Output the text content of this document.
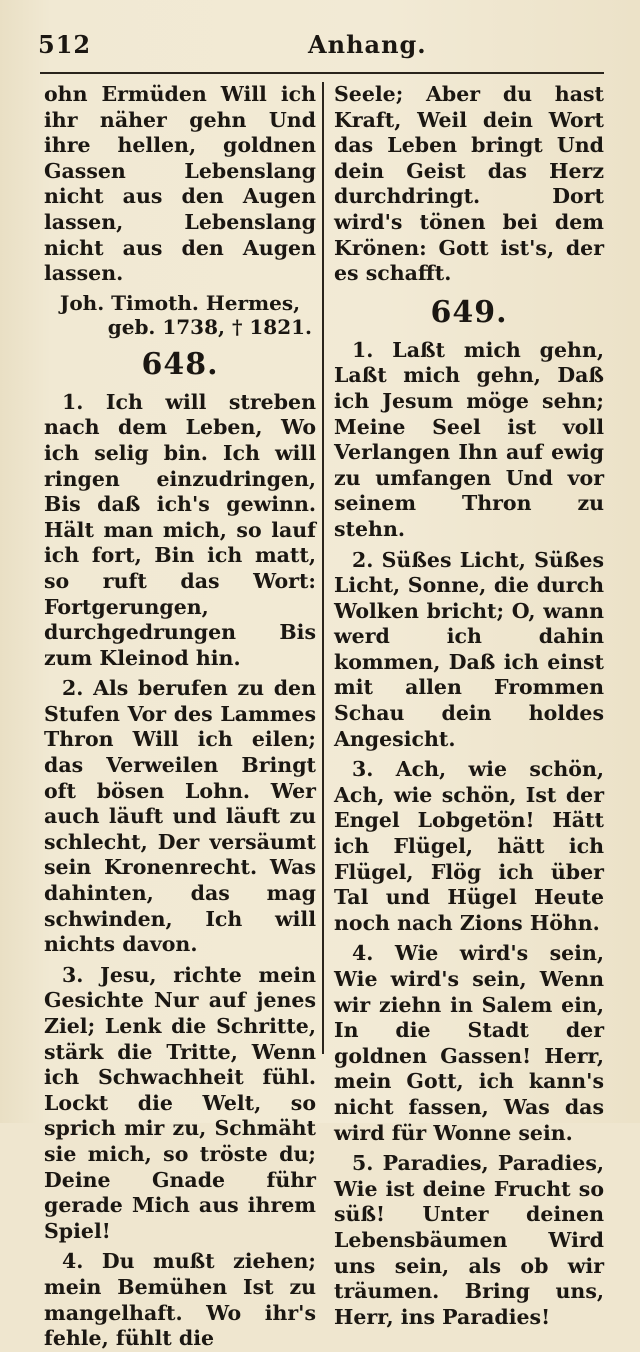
512	Anhang.

ohn Ermüden Will ich ihr näher gehn Und ihre hellen, goldnen Gassen Lebenslang nicht aus den Augen lassen, Lebenslang nicht aus den Augen lassen.

Joh. Timoth. Hermes,
geb. 1738, † 1821.
648.

1. Ich will streben nach dem Leben, Wo ich selig bin. Ich will ringen einzudringen, Bis daß ich's gewinn. Hält man mich, so lauf ich fort, Bin ich matt, so ruft das Wort: Fortgerungen, durchgedrungen Bis zum Kleinod hin.

2. Als berufen zu den Stufen Vor des Lammes Thron Will ich eilen; das Verweilen Bringt oft bösen Lohn. Wer auch läuft und läuft zu schlecht, Der versäumt sein Kronenrecht. Was dahinten, das mag schwinden, Ich will nichts davon.

3. Jesu, richte mein Gesichte Nur auf jenes Ziel; Lenk die Schritte, stärk die Tritte, Wenn ich Schwachheit fühl. Lockt die Welt, so sprich mir zu, Schmäht sie mich, so tröste du; Deine Gnade führ gerade Mich aus ihrem Spiel!

4. Du mußt ziehen; mein Bemühen Ist zu mangelhaft. Wo ihr's fehle, fühlt die

Seele; Aber du hast Kraft, Weil dein Wort das Leben bringt Und dein Geist das Herz durchdringt. Dort wird's tönen bei dem Krönen: Gott ist's, der es schafft.

649.

1. Laßt mich gehn, Laßt mich gehn, Daß ich Jesum möge sehn; Meine Seel ist voll Verlangen Ihn auf ewig zu umfangen Und vor seinem Thron zu stehn.

2. Süßes Licht, Süßes Licht, Sonne, die durch Wolken bricht; O, wann werd ich dahin kommen, Daß ich einst mit allen Frommen Schau dein holdes Angesicht.

3. Ach, wie schön, Ach, wie schön, Ist der Engel Lobgetön! Hätt ich Flügel, hätt ich Flügel, Flög ich über Tal und Hügel Heute noch nach Zions Höhn.

4. Wie wird's sein, Wie wird's sein, Wenn wir ziehn in Salem ein, In die Stadt der goldnen Gassen! Herr, mein Gott, ich kann's nicht fassen, Was das wird für Wonne sein.

5. Paradies, Paradies, Wie ist deine Frucht so süß! Unter deinen Lebensbäumen Wird uns sein, als ob wir träumen. Bring uns, Herr, ins Paradies!
